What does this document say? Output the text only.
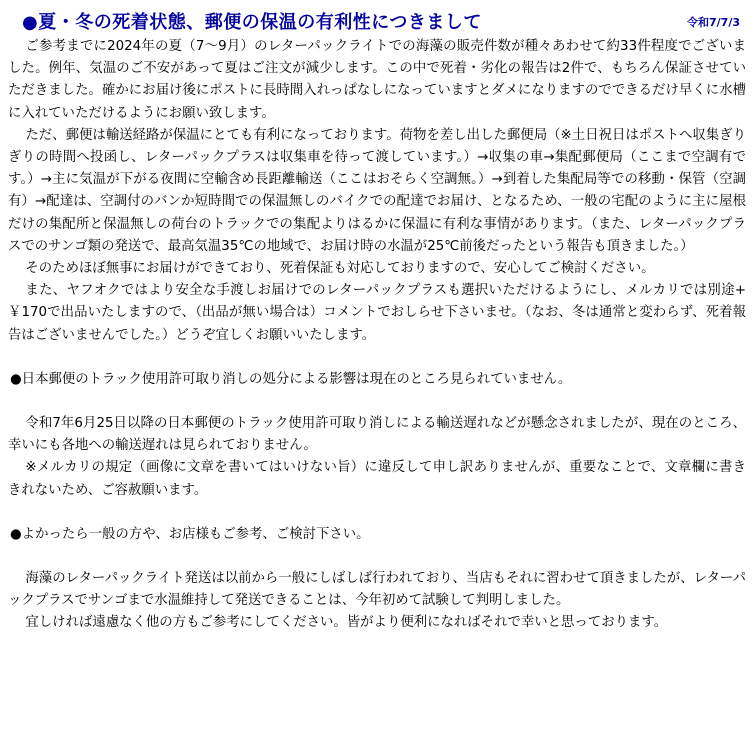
●夏・冬の死着状態、郵便の保温の有利性につきまして	令和7/7/3

ご参考までに2024年の夏（7〜9月）のレターパックライトでの海藻の販売件数が種々あわせて約33件程度でございました。例年、気温のご不安があって夏はご注文が減少します。この中で死着・劣化の報告は2件で、もちろん保証させていただきました。確かにお届け後にポストに長時間入れっぱなしになっていますとダメになりますのでできるだけ早くに水槽に入れていただけるようにお願い致します。

ただ、郵便は輸送経路が保温にとても有利になっております。荷物を差し出した郵便局（※土日祝日はポストへ収集ぎりぎりの時間へ投函し、レターパックプラスは収集車を待って渡しています。）→収集の車→集配郵便局（ここまで空調有です。）→主に気温が下がる夜間に空輸含め長距離輸送（ここはおそらく空調無。）→到着した集配局等での移動・保管（空調有）→配達は、空調付のバンか短時間での保温無しのバイクでの配達でお届け、となるため、一般の宅配のように主に屋根だけの集配所と保温無しの荷台のトラックでの集配よりはるかに保温に有利な事情があります。（また、レターパックプラスでのサンゴ類の発送で、最高気温35℃の地域で、お届け時の水温が25℃前後だったという報告も頂きました。）

そのためほぼ無事にお届けができており、死着保証も対応しておりますので、安心してご検討ください。

また、ヤフオクではより安全な手渡しお届けでのレターパックプラスも選択いただけるようにし、メルカリでは別途+￥170で出品いたしますので、（出品が無い場合は）コメントでおしらせ下さいませ。（なお、冬は通常と変わらず、死着報告はございませんでした。）どうぞ宜しくお願いいたします。

●日本郵便のトラック使用許可取り消しの処分による影響は現在のところ見られていません。

令和7年6月25日以降の日本郵便のトラック使用許可取り消しによる輸送遅れなどが懸念されましたが、現在のところ、幸いにも各地への輸送遅れは見られておりません。

※メルカリの規定（画像に文章を書いてはいけない旨）に違反して申し訳ありませんが、重要なことで、文章欄に書ききれないため、ご容赦願います。

●よかったら一般の方や、お店様もご参考、ご検討下さい。

海藻のレターパックライト発送は以前から一般にしばしば行われており、当店もそれに習わせて頂きましたが、レターパックプラスでサンゴまで水温維持して発送できることは、今年初めて試験して判明しました。

宜しければ遠慮なく他の方もご参考にしてください。皆がより便利になればそれで幸いと思っております。
